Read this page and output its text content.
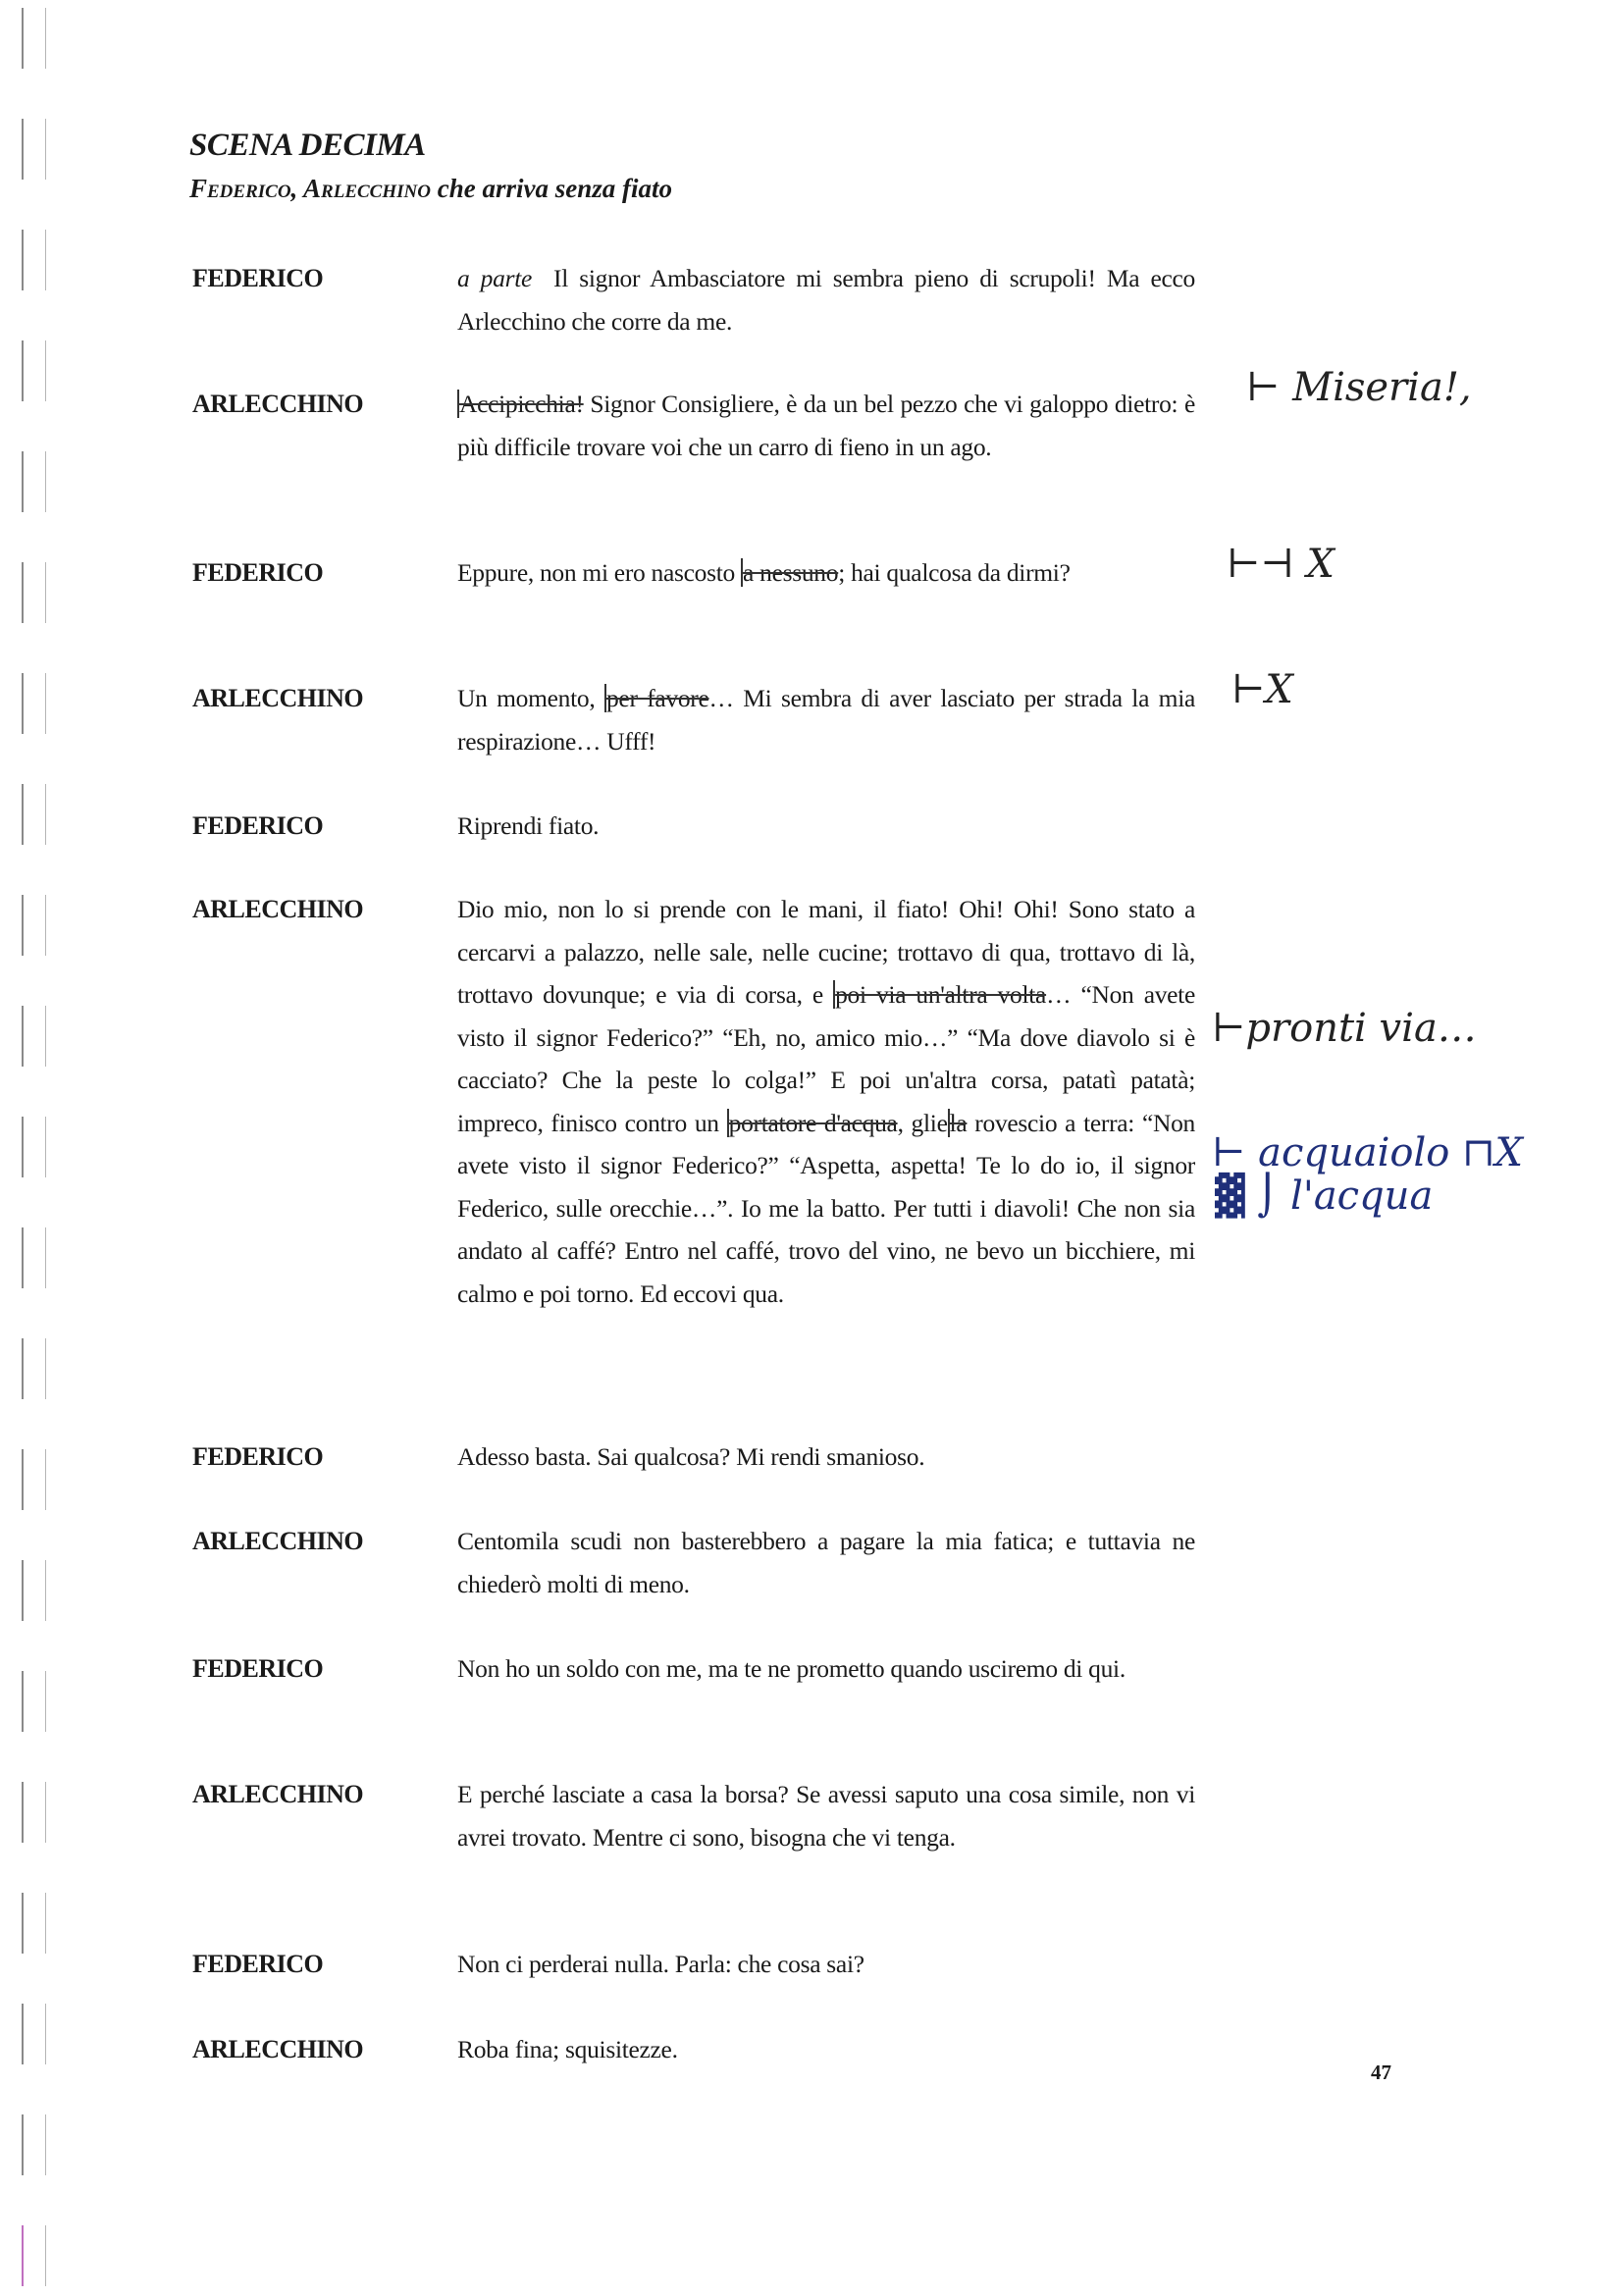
SCENA DECIMA
Federico, Arlecchino che arriva senza fiato
FEDERICO	a parte Il signor Ambasciatore mi sembra pieno di scrupoli! Ma ecco Arlecchino che corre da me.
ARLECCHINO	Accipicchia! Signor Consigliere, è da un bel pezzo che vi galoppo dietro: è più difficile trovare voi che un carro di fieno in un ago.
FEDERICO	Eppure, non mi ero nascosto a nessuno; hai qualcosa da dirmi?
ARLECCHINO	Un momento, per favore… Mi sembra di aver lasciato per strada la mia respirazione… Ufff!
FEDERICO	Riprendi fiato.
ARLECCHINO	Dio mio, non lo si prende con le mani, il fiato! Ohi! Ohi! Sono stato a cercarvi a palazzo, nelle sale, nelle cucine; trottavo di qua, trottavo di là, trottavo dovunque; e via di corsa, e poi via un'altra volta… “Non avete visto il signor Federico?” “Eh, no, amico mio…” “Ma dove diavolo si è cacciato? Che la peste lo colga!” E poi un'altra corsa, patatì patatà; impreco, finisco contro un portatore d'acqua, gliela rovescio a terra: “Non avete visto il signor Federico?” “Aspetta, aspetta! Te lo do io, il signor Federico, sulle orecchie…”. Io me la batto. Per tutti i diavoli! Che non sia andato al caffé? Entro nel caffé, trovo del vino, ne bevo un bicchiere, mi calmo e poi torno. Ed eccovi qua.
FEDERICO	Adesso basta. Sai qualcosa? Mi rendi smanioso.
ARLECCHINO	Centomila scudi non basterebbero a pagare la mia fatica; e tuttavia ne chiederò molti di meno.
FEDERICO	Non ho un soldo con me, ma te ne prometto quando usciremo di qui.
ARLECCHINO	E perché lasciate a casa la borsa? Se avessi saputo una cosa simile, non vi avrei trovato. Mentre ci sono, bisogna che vi tenga.
FEDERICO	Non ci perderai nulla. Parla: che cosa sai?
ARLECCHINO	Roba fina; squisitezze.
⊢ Miseria!,
⊢⊣ X
⊢X
⊢pronti via…
⊢ acquaiolo ⊓X
▓ ⌡ l'acqua
47
